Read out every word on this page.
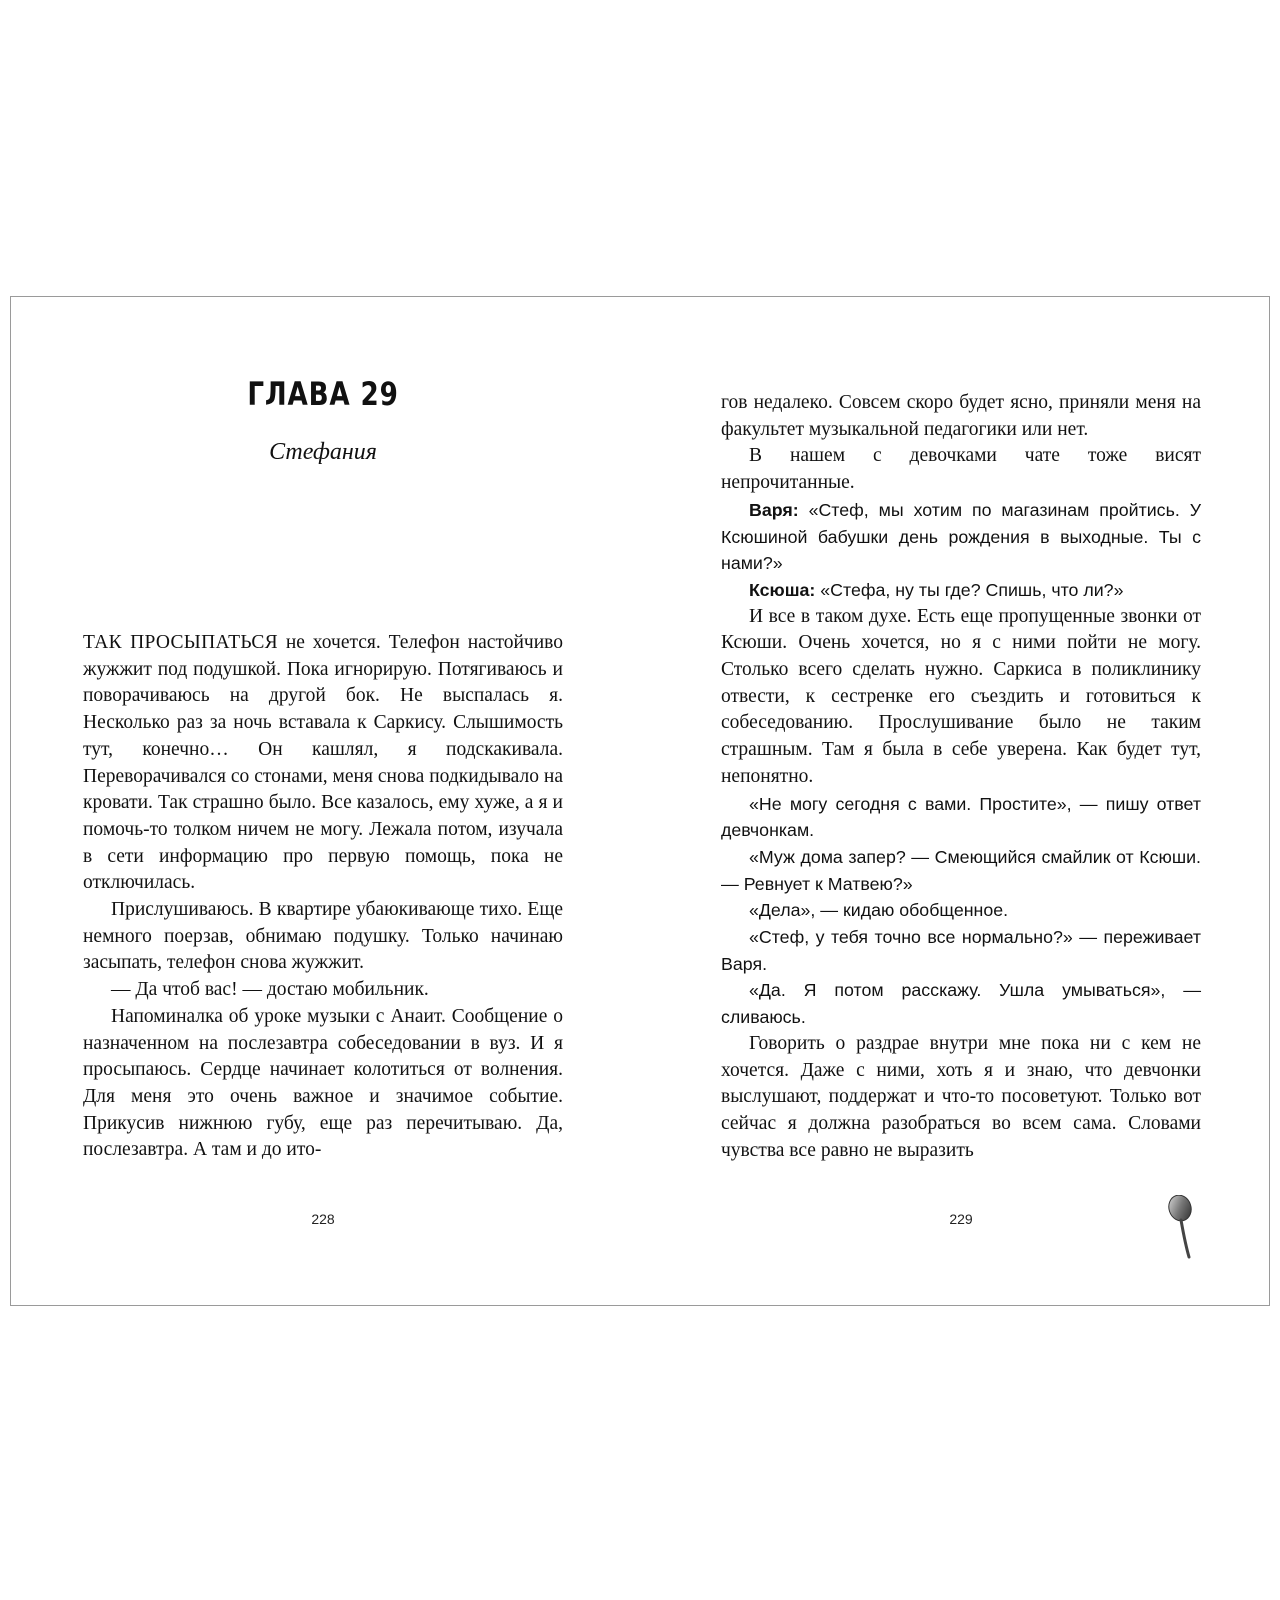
ГЛАВА 29
Стефания

ТАК ПРОСЫПАТЬСЯ не хочется. Телефон настойчиво жужжит под подушкой. Пока игнорирую. Потягиваюсь и поворачиваюсь на другой бок. Не выспалась я. Несколько раз за ночь вставала к Саркису. Слышимость тут, конечно… Он кашлял, я подскакивала. Переворачивался со стонами, меня снова подкидывало на кровати. Так страшно было. Все казалось, ему хуже, а я и помочь-то толком ничем не могу. Лежала потом, изучала в сети информацию про первую помощь, пока не отключилась.

Прислушиваюсь. В квартире убаюкивающе тихо. Еще немного поерзав, обнимаю подушку. Только начинаю засыпать, телефон снова жужжит.

— Да чтоб вас! — достаю мобильник.

Напоминалка об уроке музыки с Анаит. Сообщение о назначенном на послезавтра собеседовании в вуз. И я просыпаюсь. Сердце начинает колотиться от волнения. Для меня это очень важное и значимое событие. Прикусив нижнюю губу, еще раз перечитываю. Да, послезавтра. А там и до ито-

228

гов недалеко. Совсем скоро будет ясно, приняли меня на факультет музыкальной педагогики или нет.

В нашем с девочками чате тоже висят непрочитанные.

Варя: «Стеф, мы хотим по магазинам пройтись. У Ксюшиной бабушки день рождения в выходные. Ты с нами?»

Ксюша: «Стефа, ну ты где? Спишь, что ли?»

И все в таком духе. Есть еще пропущенные звонки от Ксюши. Очень хочется, но я с ними пойти не могу. Столько всего сделать нужно. Саркиса в поликлинику отвести, к сестренке его съездить и готовиться к собеседованию. Прослушивание было не таким страшным. Там я была в себе уверена. Как будет тут, непонятно.

«Не могу сегодня с вами. Простите», — пишу ответ девчонкам.

«Муж дома запер? — Смеющийся смайлик от Ксюши. — Ревнует к Матвею?»

«Дела», — кидаю обобщенное.

«Стеф, у тебя точно все нормально?» — переживает Варя.

«Да. Я потом расскажу. Ушла умываться», — сливаюсь.

Говорить о раздрае внутри мне пока ни с кем не хочется. Даже с ними, хоть я и знаю, что девчонки выслушают, поддержат и что-то посоветуют. Только вот сейчас я должна разобраться во всем сама. Словами чувства все равно не выразить

229
